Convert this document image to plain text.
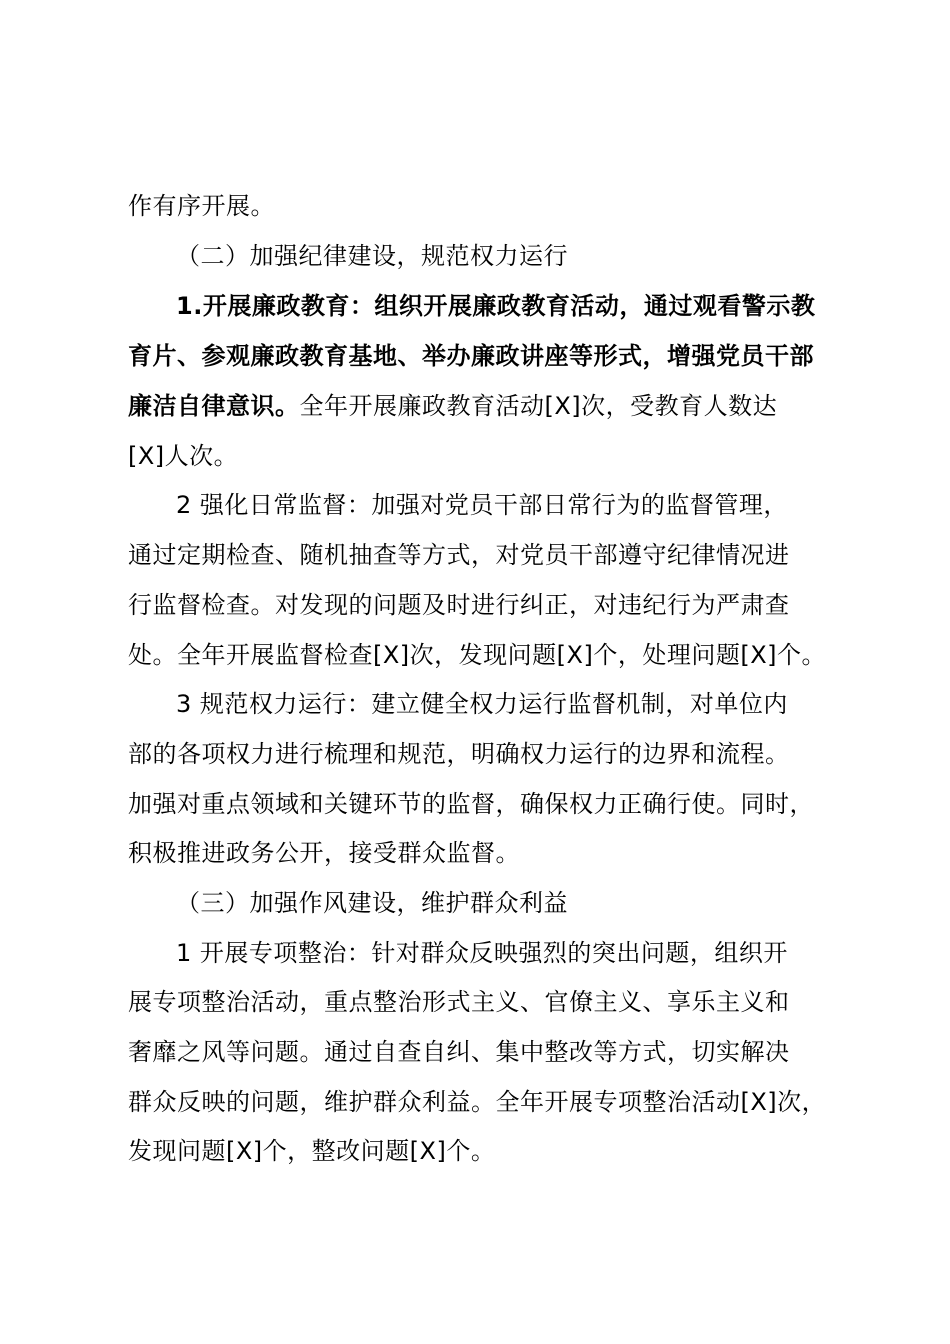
作有序开展。
（二）加强纪律建设，规范权力运行
1.开展廉政教育：组织开展廉政教育活动，通过观看警示教
育片、参观廉政教育基地、举办廉政讲座等形式，增强党员干部
廉洁自律意识。全年开展廉政教育活动[X]次，受教育人数达
[X]人次。
2 强化日常监督：加强对党员干部日常行为的监督管理，
通过定期检查、随机抽查等方式，对党员干部遵守纪律情况进
行监督检查。对发现的问题及时进行纠正，对违纪行为严肃查
处。全年开展监督检查[X]次，发现问题[X]个，处理问题[X]个。
3 规范权力运行：建立健全权力运行监督机制，对单位内
部的各项权力进行梳理和规范，明确权力运行的边界和流程。
加强对重点领域和关键环节的监督，确保权力正确行使。同时，
积极推进政务公开，接受群众监督。
（三）加强作风建设，维护群众利益
1 开展专项整治：针对群众反映强烈的突出问题，组织开
展专项整治活动，重点整治形式主义、官僚主义、享乐主义和
奢靡之风等问题。通过自查自纠、集中整改等方式，切实解决
群众反映的问题，维护群众利益。全年开展专项整治活动[X]次，
发现问题[X]个，整改问题[X]个。
